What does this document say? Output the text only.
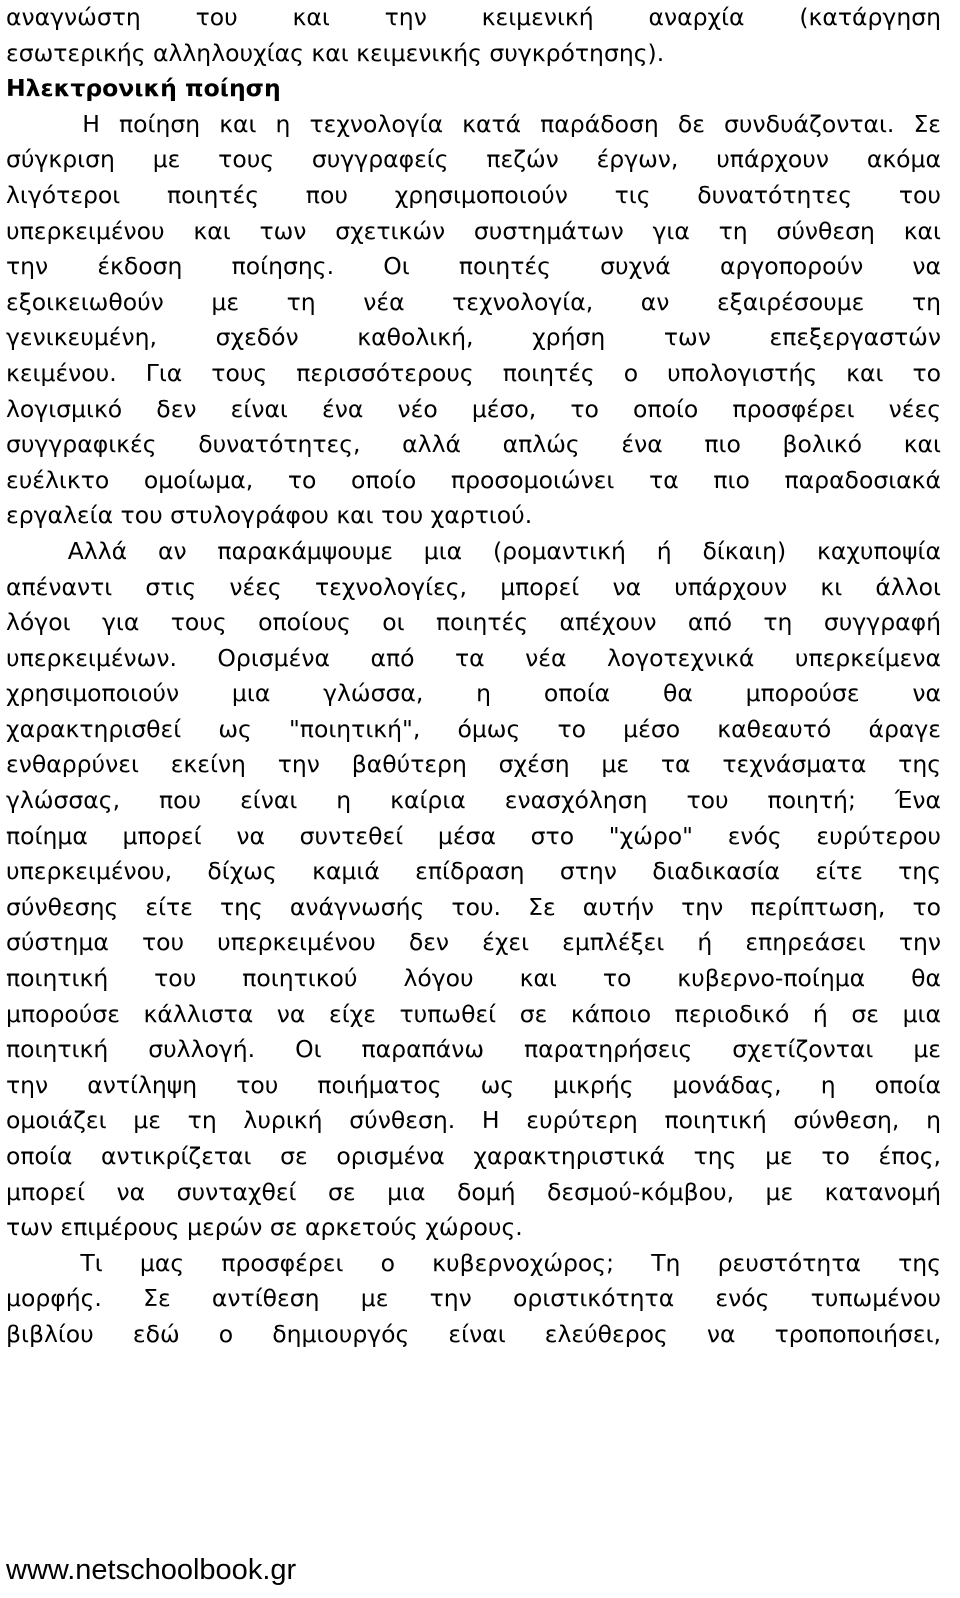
αναγνώστη του και την κειμενική αναρχία (κατάργηση
εσωτερικής αλληλουχίας και κειμενικής συγκρότησης).
Ηλεκτρονική ποίηση
Η ποίηση και η τεχνολογία κατά παράδοση δε συνδυάζονται. Σε
σύγκριση με τους συγγραφείς πεζών έργων, υπάρχουν ακόμα
λιγότεροι ποιητές που χρησιμοποιούν τις δυνατότητες του
υπερκειμένου και των σχετικών συστημάτων για τη σύνθεση και
την έκδοση ποίησης. Οι ποιητές συχνά αργοπορούν να
εξοικειωθούν με τη νέα τεχνολογία, αν εξαιρέσουμε τη
γενικευμένη, σχεδόν καθολική, χρήση των επεξεργαστών
κειμένου. Για τους περισσότερους ποιητές ο υπολογιστής και το
λογισμικό δεν είναι ένα νέο μέσο, το οποίο προσφέρει νέες
συγγραφικές δυνατότητες, αλλά απλώς ένα πιο βολικό και
ευέλικτο ομοίωμα, το οποίο προσομοιώνει τα πιο παραδοσιακά
εργαλεία του στυλογράφου και του χαρτιού.
Αλλά αν παρακάμψουμε μια (ρομαντική ή δίκαιη) καχυποψία
απέναντι στις νέες τεχνολογίες, μπορεί να υπάρχουν κι άλλοι
λόγοι για τους οποίους οι ποιητές απέχουν από τη συγγραφή
υπερκειμένων. Ορισμένα από τα νέα λογοτεχνικά υπερκείμενα
χρησιμοποιούν μια γλώσσα, η οποία θα μπορούσε να
χαρακτηρισθεί ως "ποιητική", όμως το μέσο καθεαυτό άραγε
ενθαρρύνει εκείνη την βαθύτερη σχέση με τα τεχνάσματα της
γλώσσας, που είναι η καίρια ενασχόληση του ποιητή; Ένα
ποίημα μπορεί να συντεθεί μέσα στο "χώρο" ενός ευρύτερου
υπερκειμένου, δίχως καμιά επίδραση στην διαδικασία είτε της
σύνθεσης είτε της ανάγνωσής του. Σε αυτήν την περίπτωση, το
σύστημα του υπερκειμένου δεν έχει εμπλέξει ή επηρεάσει την
ποιητική του ποιητικού λόγου και το κυβερνο-ποίημα θα
μπορούσε κάλλιστα να είχε τυπωθεί σε κάποιο περιοδικό ή σε μια
ποιητική συλλογή. Οι παραπάνω παρατηρήσεις σχετίζονται με
την αντίληψη του ποιήματος ως μικρής μονάδας, η οποία
ομοιάζει με τη λυρική σύνθεση. Η ευρύτερη ποιητική σύνθεση, η
οποία αντικρίζεται σε ορισμένα χαρακτηριστικά της με το έπος,
μπορεί να συνταχθεί σε μια δομή δεσμού-κόμβου, με κατανομή
των επιμέρους μερών σε αρκετούς χώρους.
Τι μας προσφέρει ο κυβερνοχώρος; Τη ρευστότητα της
μορφής. Σε αντίθεση με την οριστικότητα ενός τυπωμένου
βιβλίου εδώ ο δημιουργός είναι ελεύθερος να τροποποιήσει,
www.netschoolbook.gr
